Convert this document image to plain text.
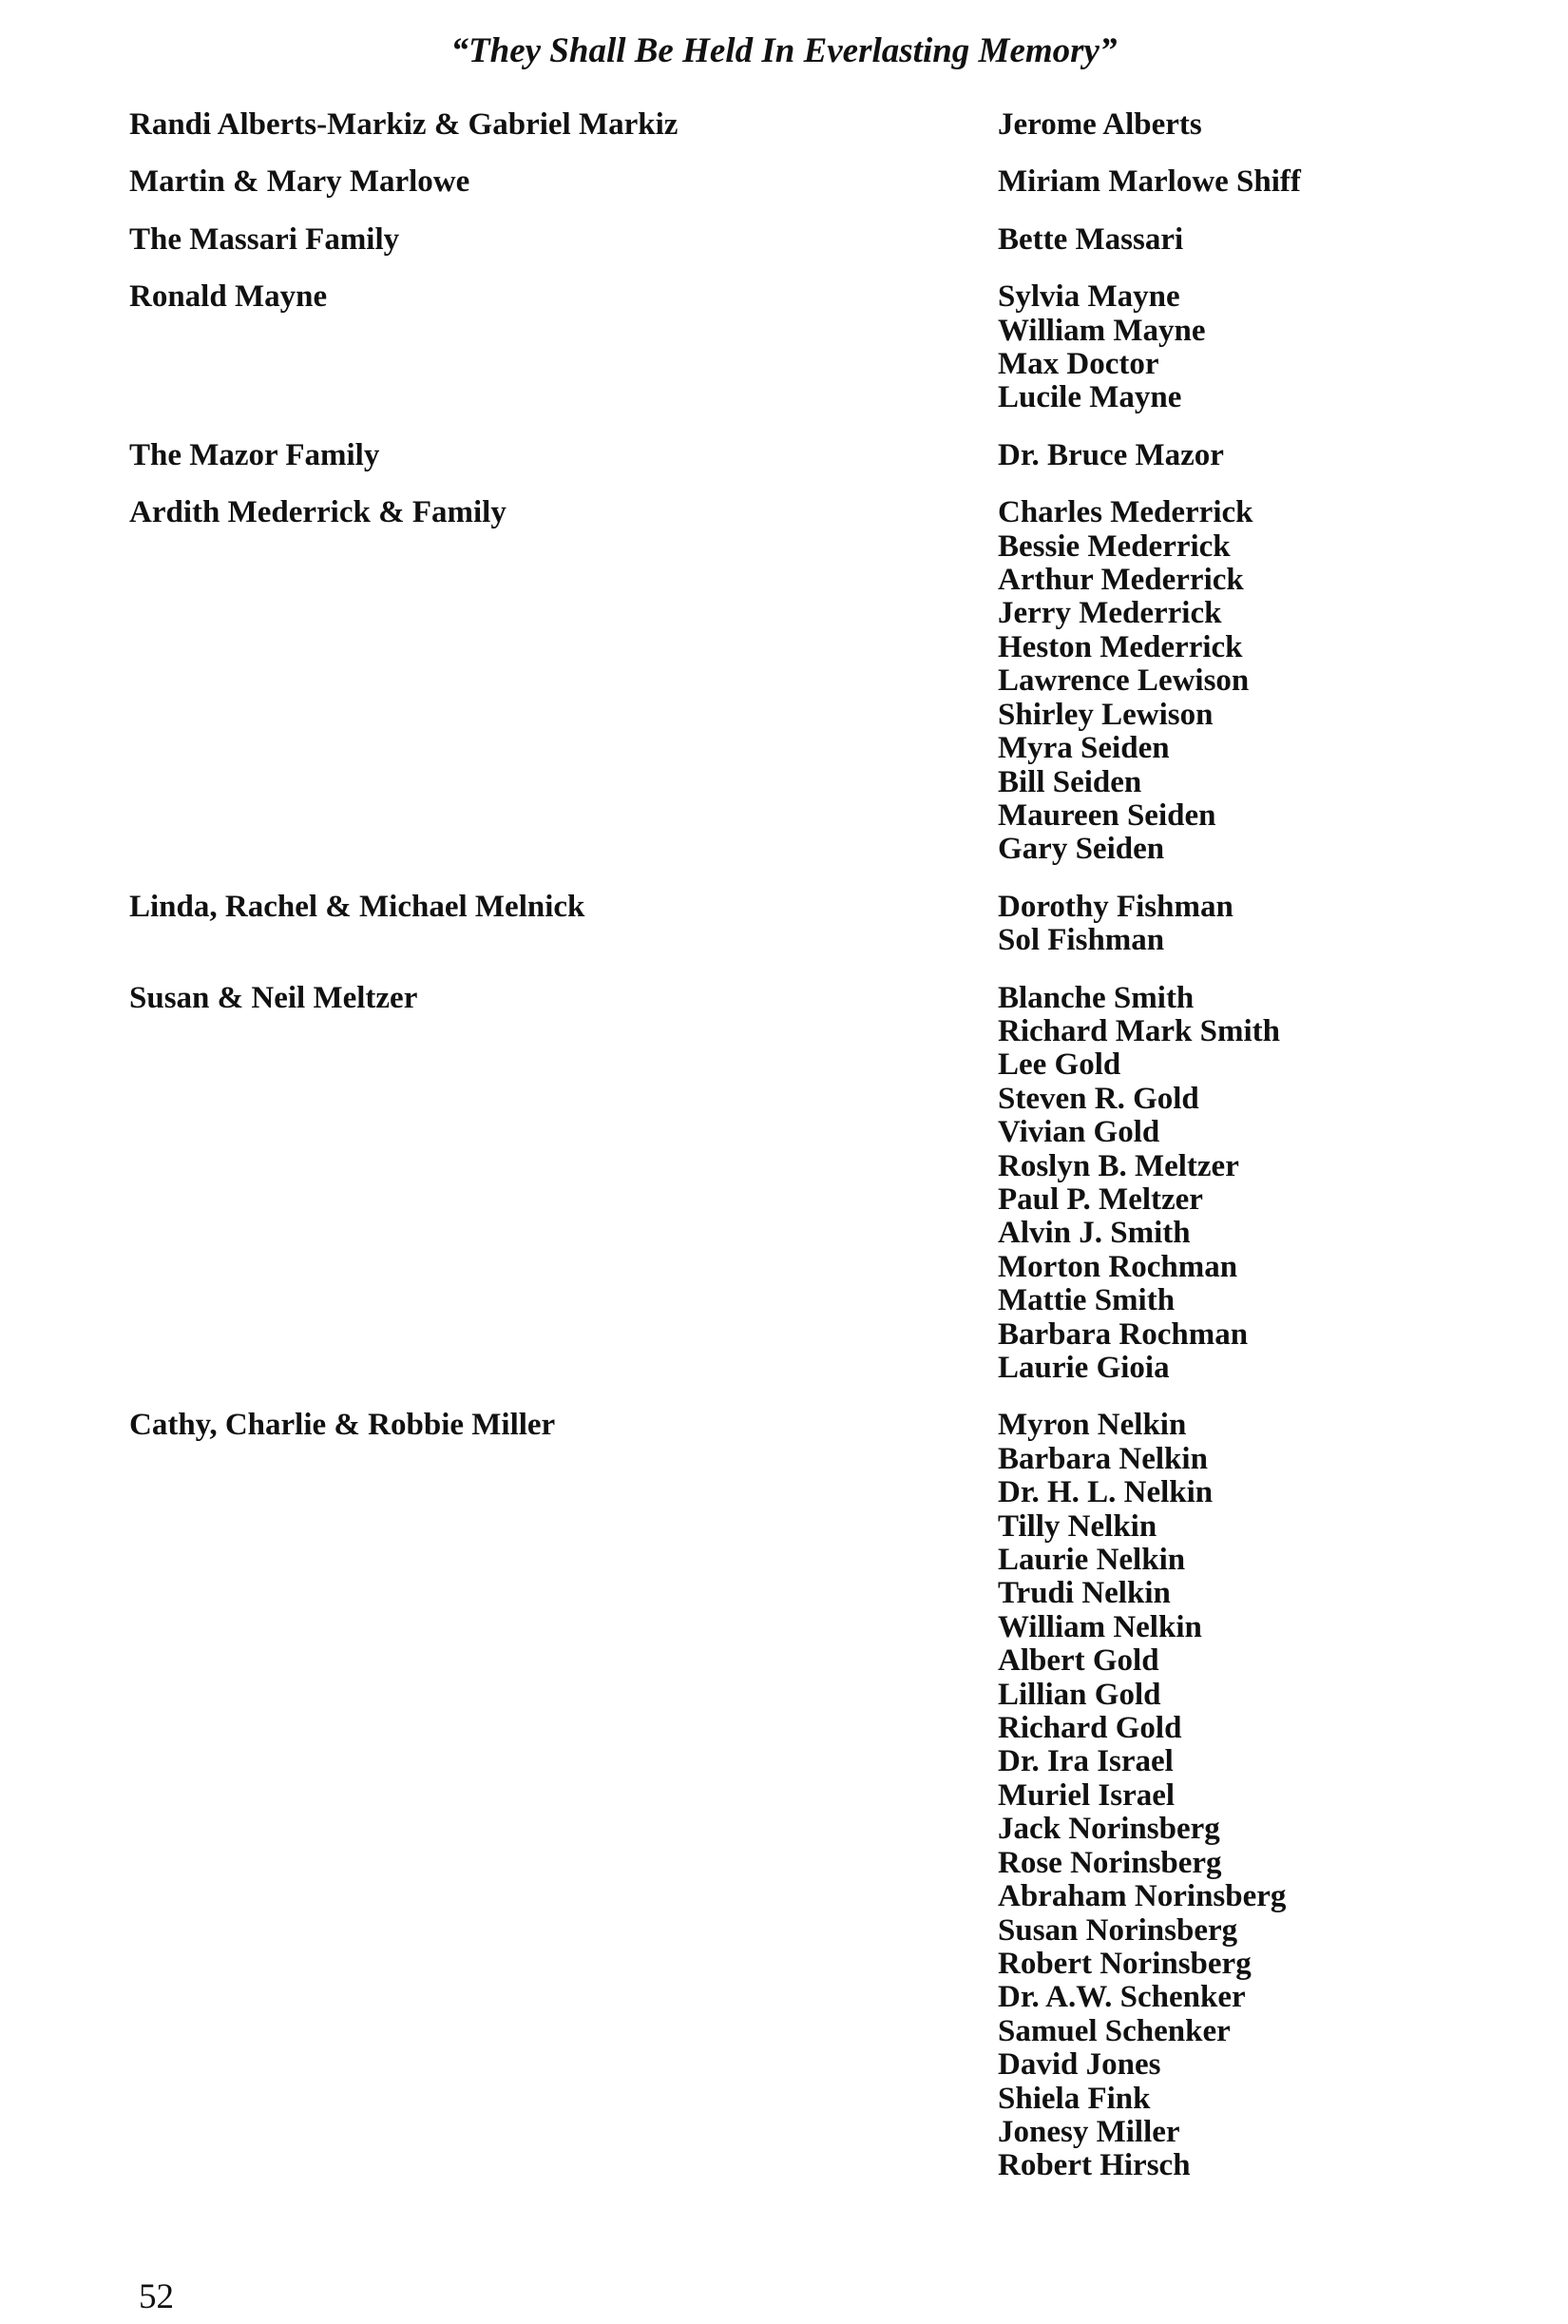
“They Shall Be Held In Everlasting Memory”
Randi Alberts-Markiz & Gabriel Markiz	Jerome Alberts
Martin & Mary Marlowe	Miriam Marlowe Shiff
The Massari Family	Bette Massari
Ronald Mayne	Sylvia Mayne
William Mayne
Max Doctor
Lucile Mayne
The Mazor Family	Dr. Bruce Mazor
Ardith Mederrick & Family	Charles Mederrick
Bessie Mederrick
Arthur Mederrick
Jerry Mederrick
Heston Mederrick
Lawrence Lewison
Shirley Lewison
Myra Seiden
Bill Seiden
Maureen Seiden
Gary Seiden
Linda, Rachel & Michael Melnick	Dorothy Fishman
Sol Fishman
Susan & Neil Meltzer	Blanche Smith
Richard Mark Smith
Lee Gold
Steven R. Gold
Vivian Gold
Roslyn B. Meltzer
Paul P. Meltzer
Alvin J. Smith
Morton Rochman
Mattie Smith
Barbara Rochman
Laurie Gioia
Cathy, Charlie & Robbie Miller	Myron Nelkin
Barbara Nelkin
Dr. H. L. Nelkin
Tilly Nelkin
Laurie Nelkin
Trudi Nelkin
William Nelkin
Albert Gold
Lillian Gold
Richard Gold
Dr. Ira Israel
Muriel Israel
Jack Norinsberg
Rose Norinsberg
Abraham Norinsberg
Susan Norinsberg
Robert Norinsberg
Dr. A.W. Schenker
Samuel Schenker
David Jones
Shiela Fink
Jonesy Miller
Robert Hirsch
52
